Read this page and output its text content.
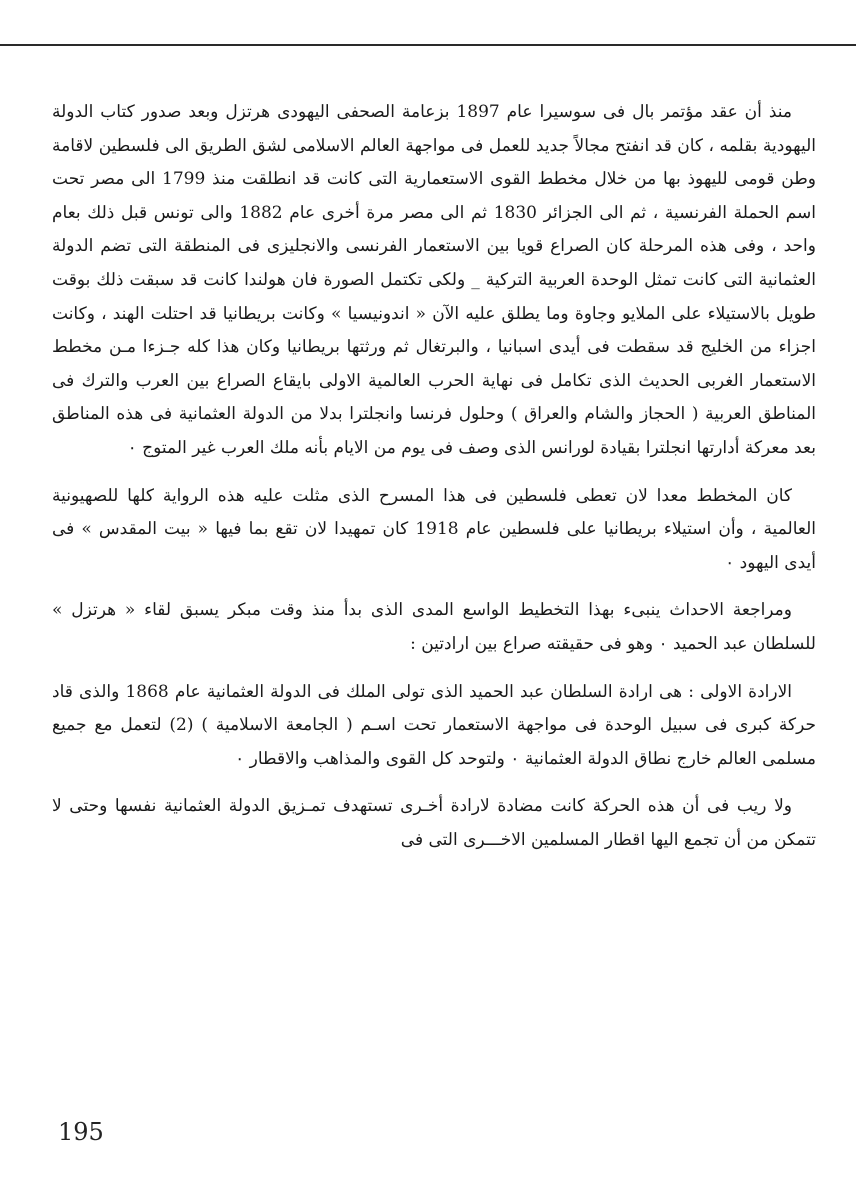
منذ أن عقد مؤتمر بال فى سوسيرا عام 1897 بزعامة الصحفى اليهودى هرتزل وبعد صدور كتاب الدولة اليهودية بقلمه ، كان قد انفتح مجالاً جديد للعمل فى مواجهة العالم الاسلامى لشق الطريق الى فلسطين لاقامة وطن قومى لليهوذ بها من خلال مخطط القوى الاستعمارية التى كانت قد انطلقت منذ 1799 الى مصر تحت اسم الحملة الفرنسية ، ثم الى الجزائر 1830 ثم الى مصر مرة أخرى عام 1882 والى تونس قبل ذلك بعام واحد ، وفى هذه المرحلة كان الصراع قويا بين الاستعمار الفرنسى والانجليزى فى المنطقة التى تضم الدولة العثمانية التى كانت تمثل الوحدة العربية التركية _ ولكى تكتمل الصورة فان هولندا كانت قد سبقت ذلك بوقت طويل بالاستيلاء على الملايو وجاوة وما يطلق عليه الآن « اندونيسيا » وكانت بريطانيا قد احتلت الهند ، وكانت اجزاء من الخليج قد سقطت فى أيدى اسبانيا ، والبرتغال ثم ورثتها بريطانيا وكان هذا كله جـزءا مـن مخطط الاستعمار الغربى الحديث الذى تكامل فى نهاية الحرب العالمية الاولى بايقاع الصراع بين العرب والترك فى المناطق العربية ( الحجاز والشام والعراق ) وحلول فرنسا وانجلترا بدلا من الدولة العثمانية فى هذه المناطق بعد معركة أدارتها انجلترا بقيادة لورانس الذى وصف فى يوم من الايام بأنه ملك العرب غير المتوج ٠

كان المخطط معدا لان تعطى فلسطين فى هذا المسرح الذى مثلت عليه هذه الرواية كلها للصهيونية العالمية ، وأن استيلاء بريطانيا على فلسطين عام 1918 كان تمهيدا لان تقع بما فيها « بيت المقدس » فى أيدى اليهود ٠

ومراجعة الاحداث ينبىء بهذا التخطيط الواسع المدى الذى بدأ منذ وقت مبكر يسبق لقاء « هرتزل » للسلطان عبد الحميد ٠ وهو فى حقيقته صراع بين ارادتين :

الارادة الاولى : هى ارادة السلطان عبد الحميد الذى تولى الملك فى الدولة العثمانية عام 1868 والذى قاد حركة كبرى فى سبيل الوحدة فى مواجهة الاستعمار تحت اسـم ( الجامعة الاسلامية ) (2) لتعمل مع جميع مسلمى العالم خارج نطاق الدولة العثمانية ٠ ولتوحد كل القوى والمذاهب والاقطار ٠

ولا ريب فى أن هذه الحركة كانت مضادة لارادة أخـرى تستهدف تمـزيق الدولة العثمانية نفسها وحتى لا تتمكن من أن تجمع اليها اقطار المسلمين الاخـــرى التى فى

195
